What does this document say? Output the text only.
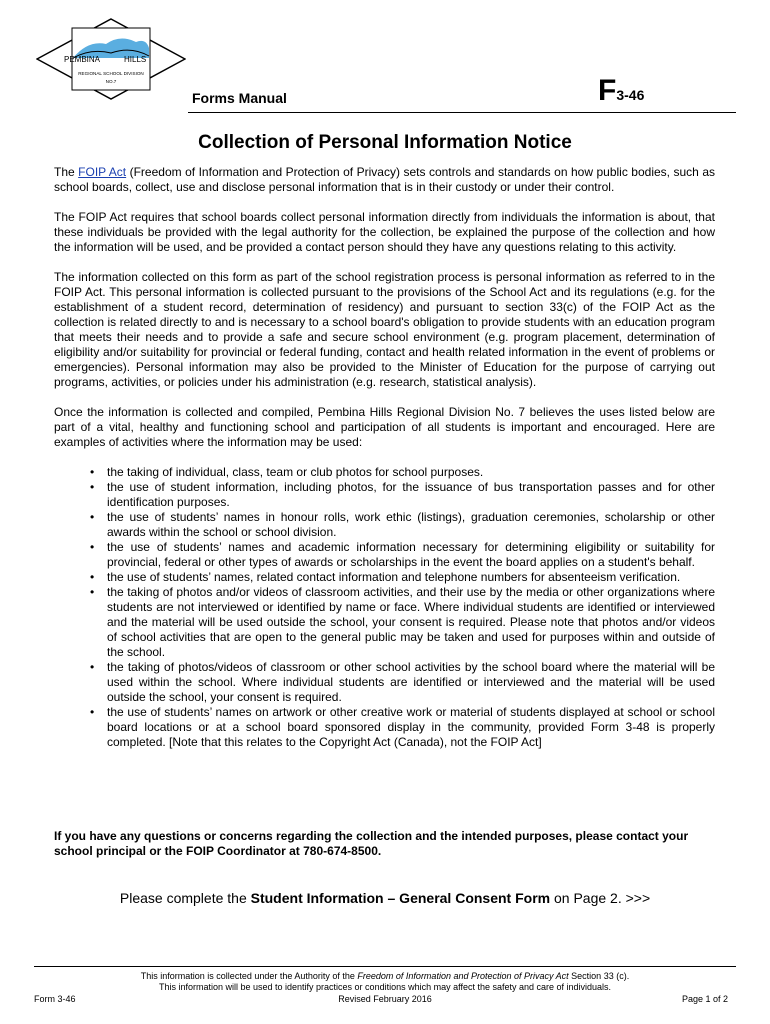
PEMBINA	HILLS
REGIONAL SCHOOL DIVISION
NO.7
Forms Manual	F3-46
Collection of Personal Information Notice

The FOIP Act (Freedom of Information and Protection of Privacy) sets controls and standards on how public bodies, such as school boards, collect, use and disclose personal information that is in their custody or under their control.

The FOIP Act requires that school boards collect personal information directly from individuals the information is about, that these individuals be provided with the legal authority for the collection, be explained the purpose of the collection and how the information will be used, and be provided a contact person should they have any questions relating to this activity.

The information collected on this form as part of the school registration process is personal information as referred to in the FOIP Act. This personal information is collected pursuant to the provisions of the School Act and its regulations (e.g. for the establishment of a student record, determination of residency) and pursuant to section 33(c) of the FOIP Act as the collection is related directly to and is necessary to a school board's obligation to provide students with an education program that meets their needs and to provide a safe and secure school environment (e.g. program placement, determination of eligibility and/or suitability for provincial or federal funding, contact and health related information in the event of problems or emergencies). Personal information may also be provided to the Minister of Education for the purpose of carrying out programs, activities, or policies under his administration (e.g. research, statistical analysis).

Once the information is collected and compiled, Pembina Hills Regional Division No. 7 believes the uses listed below are part of a vital, healthy and functioning school and participation of all students is important and encouraged. Here are examples of activities where the information may be used:

• the taking of individual, class, team or club photos for school purposes.
• the use of student information, including photos, for the issuance of bus transportation passes and for other identification purposes.
• the use of students’ names in honour rolls, work ethic (listings), graduation ceremonies, scholarship or other awards within the school or school division.
• the use of students’ names and academic information necessary for determining eligibility or suitability for provincial, federal or other types of awards or scholarships in the event the board applies on a student's behalf.
• the use of students’ names, related contact information and telephone numbers for absenteeism verification.
• the taking of photos and/or videos of classroom activities, and their use by the media or other organizations where students are not interviewed or identified by name or face. Where individual students are identified or interviewed and the material will be used outside the school, your consent is required. Please note that photos and/or videos of school activities that are open to the general public may be taken and used for purposes within and outside of the school.
• the taking of photos/videos of classroom or other school activities by the school board where the material will be used within the school. Where individual students are identified or interviewed and the material will be used outside the school, your consent is required.
• the use of students’ names on artwork or other creative work or material of students displayed at school or school board locations or at a school board sponsored display in the community, provided Form 3-48 is properly completed. [Note that this relates to the Copyright Act (Canada), not the FOIP Act]

If you have any questions or concerns regarding the collection and the intended purposes, please contact your school principal or the FOIP Coordinator at 780-674-8500.

Please complete the Student Information – General Consent Form on Page 2. >>>

This information is collected under the Authority of the Freedom of Information and Protection of Privacy Act Section 33 (c).
This information will be used to identify practices or conditions which may affect the safety and care of individuals.
Form 3-46	Revised February 2016	Page 1 of 2
